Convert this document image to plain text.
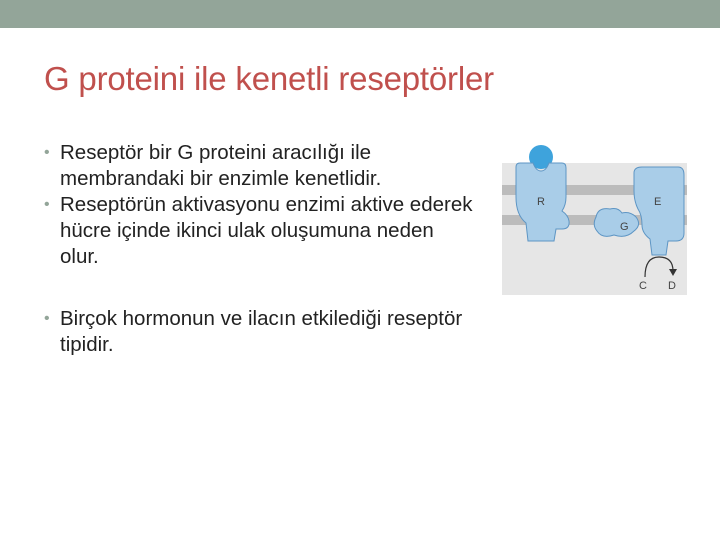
G proteini ile kenetli reseptörler
• Reseptör bir G proteini aracılığı ile membrandaki bir enzimle kenetlidir.
• Reseptörün aktivasyonu enzimi aktive ederek hücre içinde ikinci ulak oluşumuna neden olur.
• Birçok hormonun ve ilacın etkilediği reseptör tipidir.
R
G
E
C D
